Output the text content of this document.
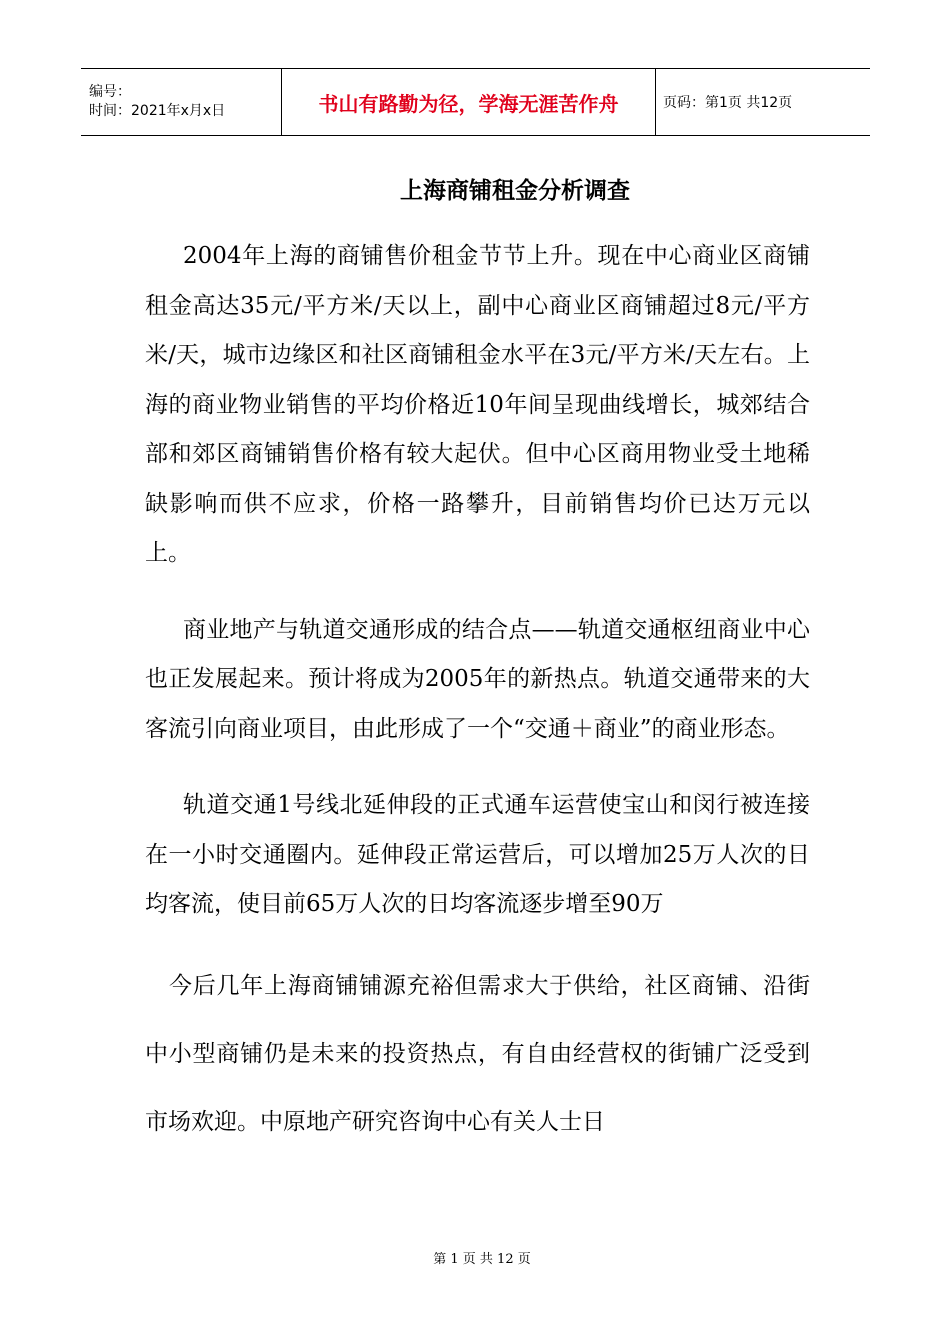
编号：
时间：2021年x月x日	书山有路勤为径，学海无涯苦作舟	页码：第1页 共12页
上海商铺租金分析调查

2004年上海的商铺售价租金节节上升。现在中心商业区商铺租金高达35元/平方米/天以上，副中心商业区商铺超过8元/平方米/天，城市边缘区和社区商铺租金水平在3元/平方米/天左右。上海的商业物业销售的平均价格近10年间呈现曲线增长，城郊结合部和郊区商铺销售价格有较大起伏。但中心区商用物业受土地稀缺影响而供不应求，价格一路攀升，目前销售均价已达万元以上。

商业地产与轨道交通形成的结合点——轨道交通枢纽商业中心也正发展起来。预计将成为2005年的新热点。轨道交通带来的大客流引向商业项目，由此形成了一个“交通＋商业”的商业形态。

轨道交通1号线北延伸段的正式通车运营使宝山和闵行被连接在一小时交通圈内。延伸段正常运营后，可以增加25万人次的日均客流，使目前65万人次的日均客流逐步增至90万

今后几年上海商铺铺源充裕但需求大于供给，社区商铺、沿街中小型商铺仍是未来的投资热点，有自由经营权的街铺广泛受到市场欢迎。中原地产研究咨询中心有关人士日

第 1 页 共 12 页
